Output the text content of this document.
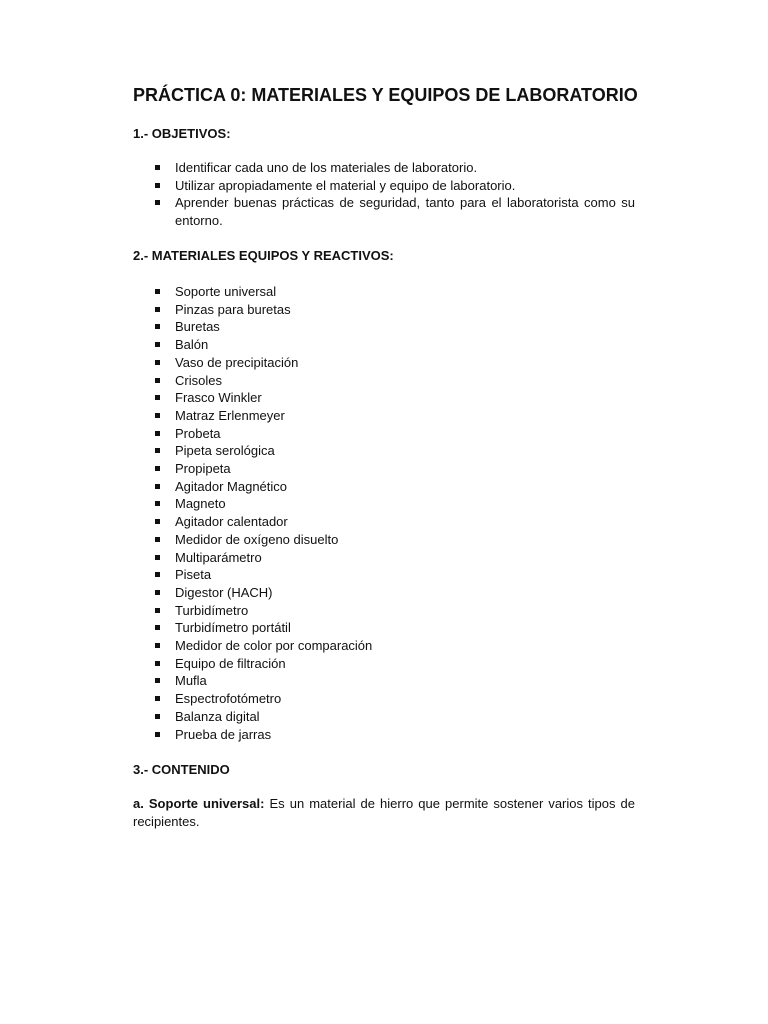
PRÁCTICA 0: MATERIALES Y EQUIPOS DE LABORATORIO
1.- OBJETIVOS:
Identificar cada uno de los materiales de laboratorio.
Utilizar apropiadamente el material y equipo de laboratorio.
Aprender buenas prácticas de seguridad, tanto para el laboratorista como su entorno.
2.- MATERIALES EQUIPOS Y REACTIVOS:
Soporte universal
Pinzas para buretas
Buretas
Balón
Vaso de precipitación
Crisoles
Frasco Winkler
Matraz Erlenmeyer
Probeta
Pipeta serológica
Propipeta
Agitador Magnético
Magneto
Agitador calentador
Medidor de oxígeno disuelto
Multiparámetro
Piseta
Digestor (HACH)
Turbidímetro
Turbidímetro portátil
Medidor de color por comparación
Equipo de filtración
Mufla
Espectrofotómetro
Balanza digital
Prueba de jarras
3.- CONTENIDO

a. Soporte universal: Es un material de hierro que permite sostener varios tipos de recipientes.
